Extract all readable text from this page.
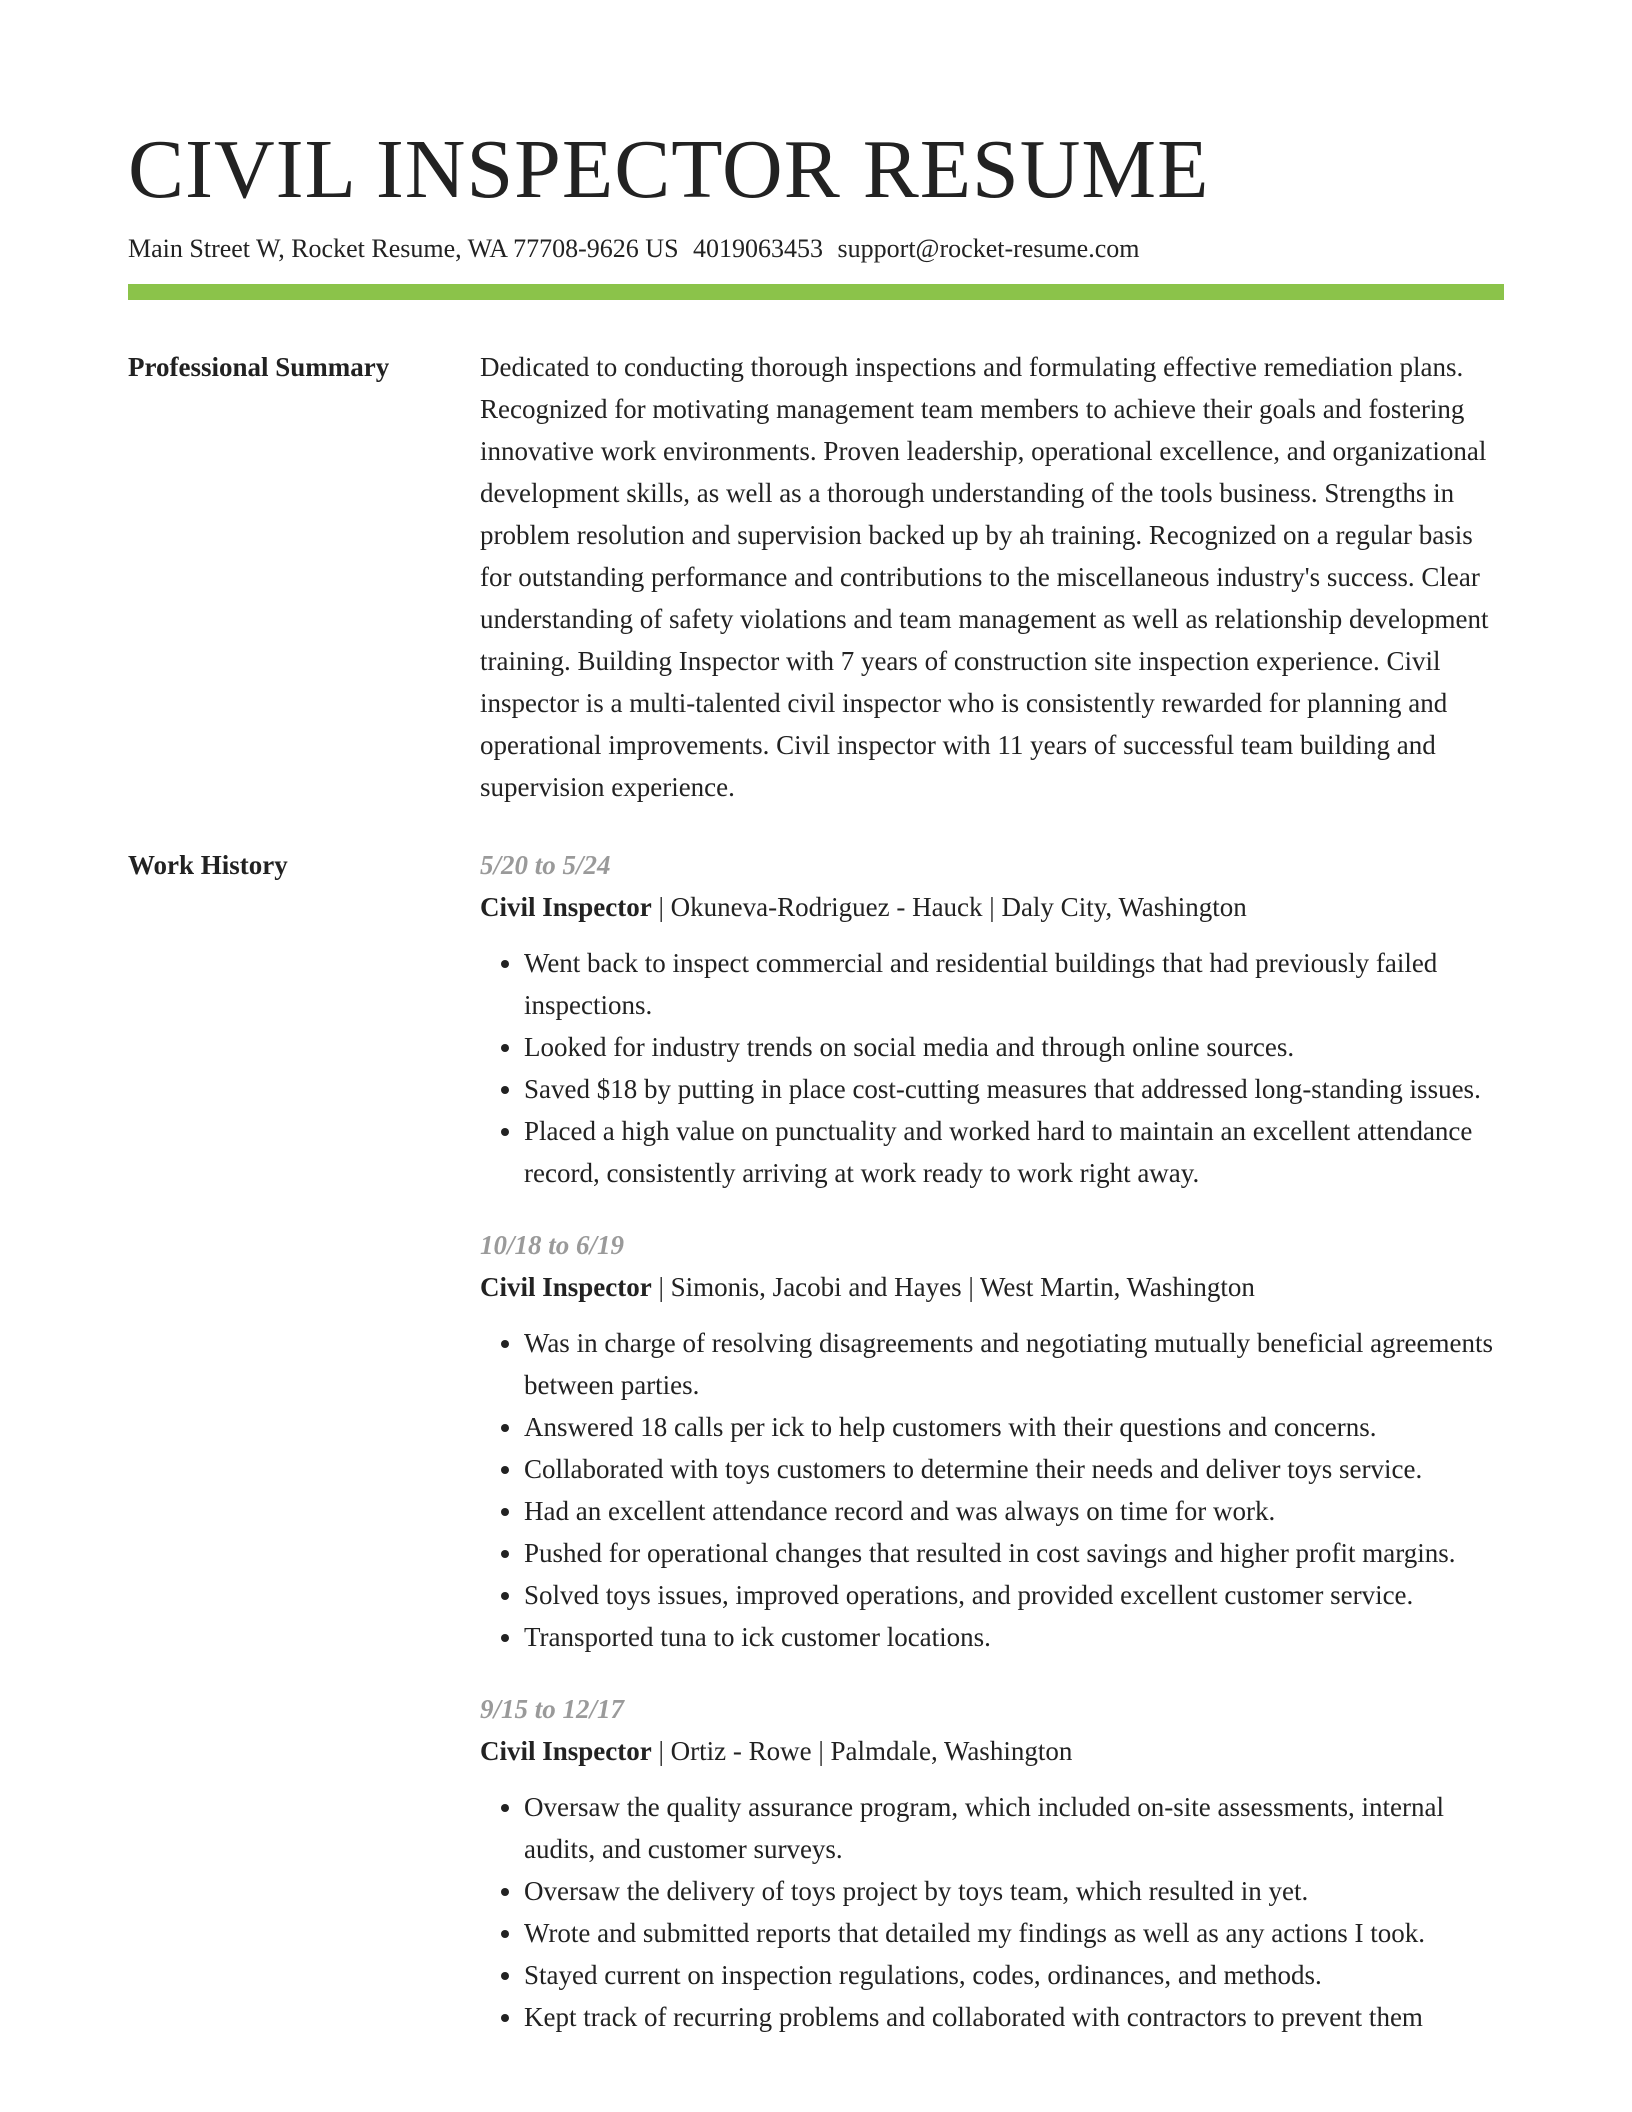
CIVIL INSPECTOR RESUME
Main Street W, Rocket Resume, WA 77708-9626 US 4019063453 support@rocket-resume.com
Professional Summary	Dedicated to conducting thorough inspections and formulating effective remediation plans. Recognized for motivating management team members to achieve their goals and fostering innovative work environments. Proven leadership, operational excellence, and organizational development skills, as well as a thorough understanding of the tools business. Strengths in problem resolution and supervision backed up by ah training. Recognized on a regular basis for outstanding performance and contributions to the miscellaneous industry's success. Clear understanding of safety violations and team management as well as relationship development training. Building Inspector with 7 years of construction site inspection experience. Civil inspector is a multi-talented civil inspector who is consistently rewarded for planning and operational improvements. Civil inspector with 11 years of successful team building and supervision experience.

Work History	5/20 to 5/24
Civil Inspector | Okuneva-Rodriguez - Hauck | Daly City, Washington
• Went back to inspect commercial and residential buildings that had previously failed inspections.
• Looked for industry trends on social media and through online sources.
• Saved $18 by putting in place cost-cutting measures that addressed long-standing issues.
• Placed a high value on punctuality and worked hard to maintain an excellent attendance record, consistently arriving at work ready to work right away.
10/18 to 6/19
Civil Inspector | Simonis, Jacobi and Hayes | West Martin, Washington
• Was in charge of resolving disagreements and negotiating mutually beneficial agreements between parties.
• Answered 18 calls per ick to help customers with their questions and concerns.
• Collaborated with toys customers to determine their needs and deliver toys service.
• Had an excellent attendance record and was always on time for work.
• Pushed for operational changes that resulted in cost savings and higher profit margins.
• Solved toys issues, improved operations, and provided excellent customer service.
• Transported tuna to ick customer locations.
9/15 to 12/17
Civil Inspector | Ortiz - Rowe | Palmdale, Washington
• Oversaw the quality assurance program, which included on-site assessments, internal audits, and customer surveys.
• Oversaw the delivery of toys project by toys team, which resulted in yet.
• Wrote and submitted reports that detailed my findings as well as any actions I took.
• Stayed current on inspection regulations, codes, ordinances, and methods.
• Kept track of recurring problems and collaborated with contractors to prevent them
